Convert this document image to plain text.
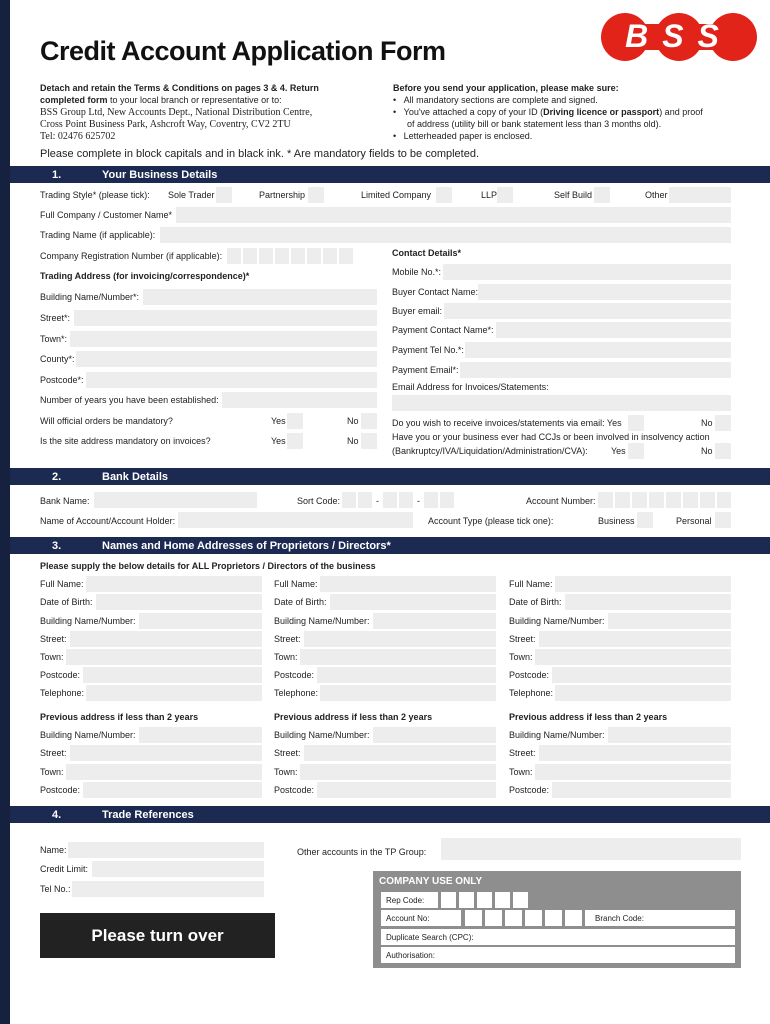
Credit Account Application Form	BSS
Detach and retain the Terms & Conditions on pages 3 & 4. Return
completed form to your local branch or representative or to:
BSS Group Ltd, New Accounts Dept., National Distribution Centre,
Cross Point Business Park, Ashcroft Way, Coventry, CV2 2TU
Tel: 02476 625702
Before you send your application, please make sure:
•   All mandatory sections are complete and signed.
•   You've attached a copy of your ID (Driving licence or passport) and proof
of address (utility bill or bank statement less than 3 months old).
•   Letterheaded paper is enclosed.
Please complete in block capitals and in black ink. * Are mandatory fields to be completed.
1.	Your Business Details
Trading Style* (please tick): Sole Trader	Partnership	Limited Company	LLP	Self Build	Other
Full Company / Customer Name*
Trading Name (if applicable):
Company Registration Number (if applicable):
Trading Address (for invoicing/correspondence)*
Building Name/Number*:
Street*:
Town*:
County*:
Postcode*:
Number of years you have been established:
Will official orders be mandatory?	Yes	No
Is the site address mandatory on invoices?	Yes	No
Contact Details*
Mobile No.*:
Buyer Contact Name:
Buyer email:
Payment Contact Name*:
Payment Tel No.*:
Payment Email*:
Email Address for Invoices/Statements:
Do you wish to receive invoices/statements via email: Yes	No
Have you or your business ever had CCJs or been involved in insolvency action
(Bankruptcy/IVA/Liquidation/Administration/CVA):	Yes	No
2.	Bank Details
Bank Name:	Sort Code:	-	-	Account Number:
Name of Account/Account Holder:	Account Type (please tick one):	Business	Personal
3.	Names and Home Addresses of Proprietors / Directors*
Please supply the below details for ALL Proprietors / Directors of the business
Full Name:
Date of Birth:
Building Name/Number:
Street:
Town:
Postcode:
Telephone:
Previous address if less than 2 years
Building Name/Number:
Street:
Town:
Postcode:
Full Name:
Date of Birth:
Building Name/Number:
Street:
Town:
Postcode:
Telephone:
Previous address if less than 2 years
Building Name/Number:
Street:
Town:
Postcode:
Full Name:
Date of Birth:
Building Name/Number:
Street:
Town:
Postcode:
Telephone:
Previous address if less than 2 years
Building Name/Number:
Street:
Town:
Postcode:
4.	Trade References
Name:
Credit Limit:
Tel No.:
Other accounts in the TP Group:
Please turn over
COMPANY USE ONLY
Rep Code:
Account No:	Branch Code:
Duplicate Search (CPC):
Authorisation:
